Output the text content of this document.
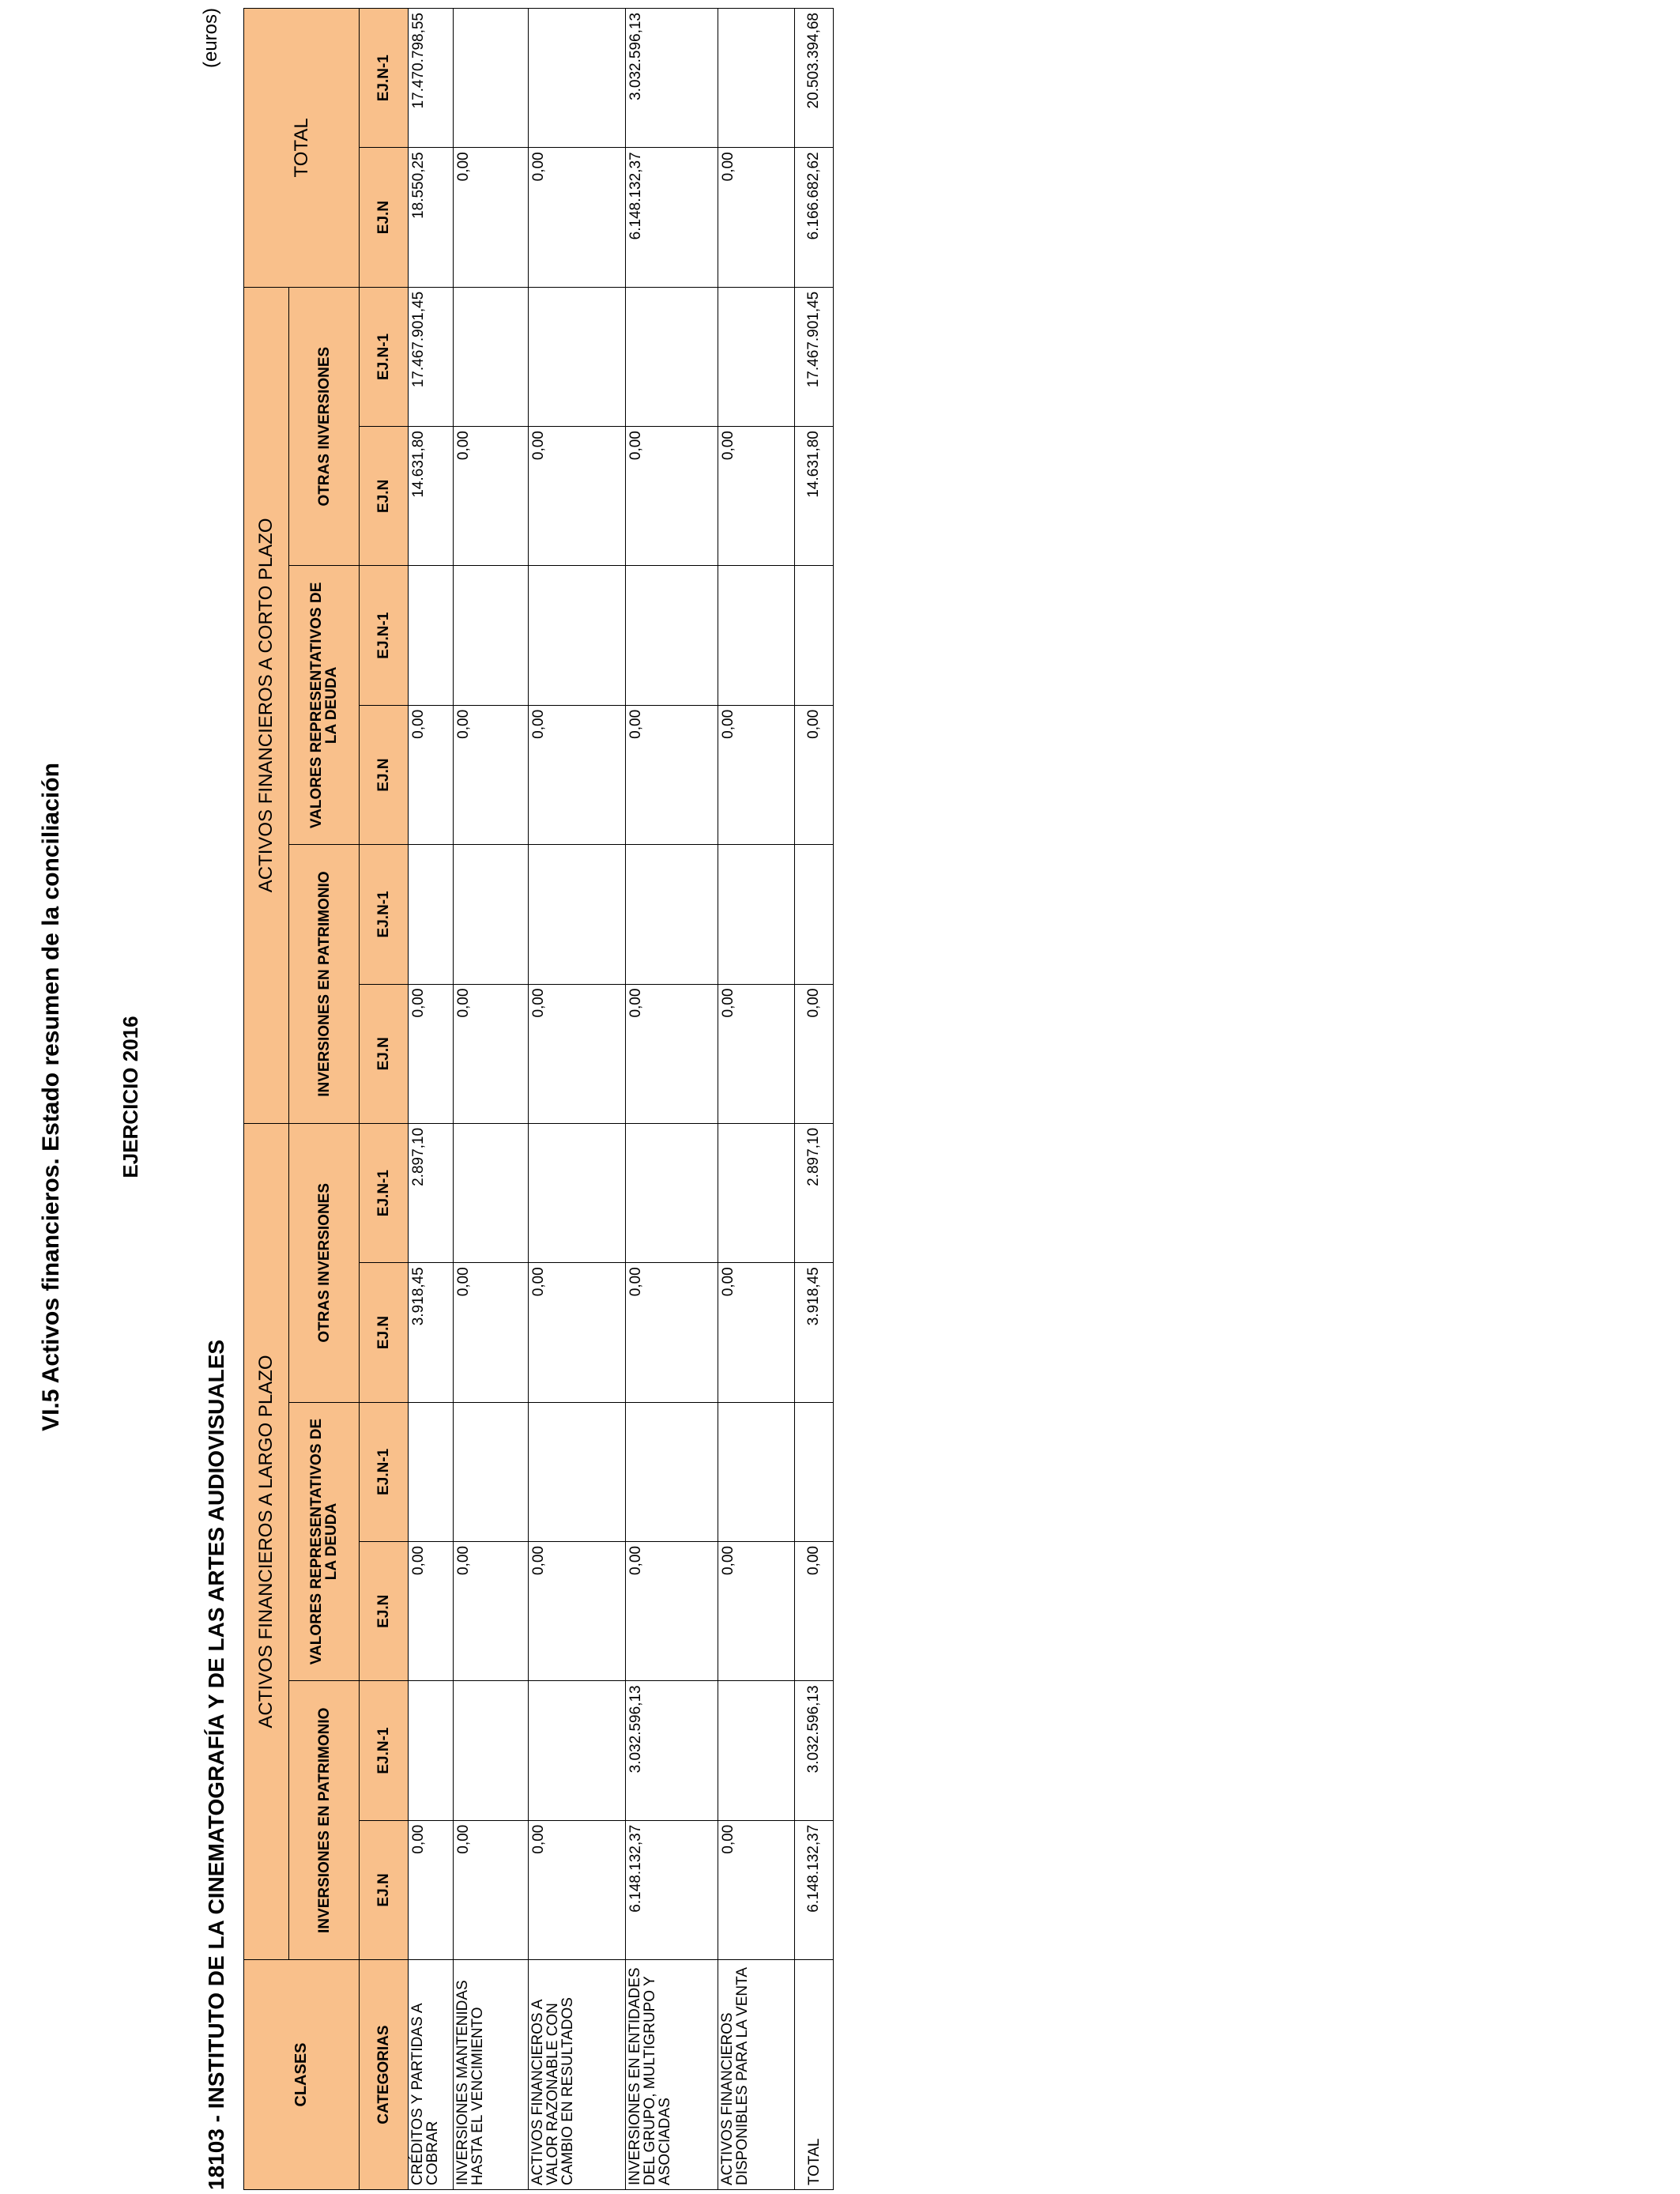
VI.5 Activos financieros. Estado resumen de la conciliación	EJERCICIO 2016
18103 - INSTITUTO DE LA CINEMATOGRAFÍA Y DE LAS ARTES AUDIOVISUALES
(euros)
CLASES	ACTIVOS FINANCIEROS A LARGO PLAZO						ACTIVOS FINANCIEROS A CORTO PLAZO						TOTAL	
	INVERSIONES EN PATRIMONIO		VALORES REPRESENTATIVOS DE LA DEUDA		OTRAS INVERSIONES		INVERSIONES EN PATRIMONIO		VALORES REPRESENTATIVOS DE LA DEUDA		OTRAS INVERSIONES			
CATEGORIAS	EJ.N	EJ.N-1	EJ.N	EJ.N-1	EJ.N	EJ.N-1	EJ.N	EJ.N-1	EJ.N	EJ.N-1	EJ.N	EJ.N-1	EJ.N	EJ.N-1
CRÉDITOS Y PARTIDAS A COBRAR	0,00		0,00		3.918,45	2.897,10	0,00		0,00		14.631,80	17.467.901,45	18.550,25	17.470.798,55
INVERSIONES MANTENIDAS HASTA EL VENCIMIENTO	0,00		0,00		0,00		0,00		0,00		0,00		0,00	
ACTIVOS FINANCIEROS A VALOR RAZONABLE CON CAMBIO EN RESULTADOS	0,00		0,00		0,00		0,00		0,00		0,00		0,00	
INVERSIONES EN ENTIDADES DEL GRUPO, MULTIGRUPO Y ASOCIADAS	6.148.132,37	3.032.596,13	0,00		0,00		0,00		0,00		0,00		6.148.132,37	3.032.596,13
ACTIVOS FINANCIEROS DISPONIBLES PARA LA VENTA	0,00		0,00		0,00		0,00		0,00		0,00		0,00	
TOTAL	6.148.132,37	3.032.596,13	0,00		3.918,45	2.897,10	0,00		0,00		14.631,80	17.467.901,45	6.166.682,62	20.503.394,68
